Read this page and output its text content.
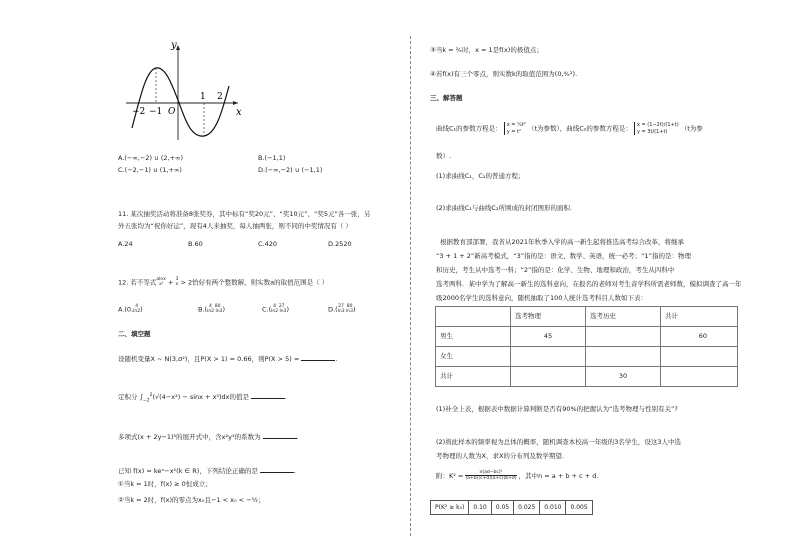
y
x
O
−2 −1
1 2
A.(−∞,−2) ∪ (2,+∞)	B.(−1,1)
C.(−2,−1) ∪ (1,+∞)	D.(−∞,−2) ∪ (−1,1)
11. 某次抽奖活动将准备8张奖券，其中标有“奖20元”、“奖10元”、“奖5元”各一张，另
外五张均为“祝你好运”，现有4人来抽奖，每人抽两张，则不同的中奖情况有（ ）
A.24	B.60	C.420	D.2520
12. 若不等式alnx
x² + 3
x > 2恰好有两个整数解，则实数a的取值范围是（ ）
A.(0, 4
ln2)	B.( 4  80
ln2 ln3)	C.( 4  27
ln2 ln3)	D.(27  80
ln3 ln3)
二、填空题
设随机变量X ~ N(3,σ²)，且P(X > 1) = 0.66，则P(X > 5) =	.
定积分 $\int_{-2}^2(√(4-x^2) - \sin x + x^3)dx$的值是	.
多项式(x + 2y−1)⁵的展开式中，含x²y³的系数为	.
已知 f(x) = keˣ−x²(k ∈ R)，下列结论正确的是	.
①当k = 1时，f(x) ≥ 0恒成立；
②当k = 2时，f(x)的零点为x₀且−1 < x₀ < −½；
③当k = ²⁄ₑ时，x = 1是f(x)的极值点；
④若f(x)有三个零点，则实数k的取值范围为(0,⁴⁄ₑ²).
三、解答题
曲线C₁的参数方程是： x = ¹⁄₂t²
y = t² （t为参数），曲线C₂的参数方程是： x = (1−2t)/(1+t)
y = 3t/(1+t) （t为参
数）.
(1)求曲线C₁，C₂的普通方程；
(2)求曲线C₁与曲线C₂所围成的封闭图形的面积.
根据教育部部署，我省从2021年秋季入学的高一新生起将推选高考综合改革，将继承
“3 + 1 + 2”新高考模式，“3”指的是：语文、数学、英语，统一必考；“1”指的是：物理
和历史，考生从中选考一科；“2”指的是：化学、生物、地理和政治，考生从四科中
选考两科．某中学为了解高一新生的选科意向，在报名的老师对考生音学科所需老师数，模拟调查了高一年
级2000名学生的选科意向，随机抽取了100人统计选考科目人数如下表：
	选考物理	选考历史	共计
男生	45		60
女生			
共计		30	
(1)补全上表，根据表中数据计算判断是否有90%的把握认为“选考物理与性别有关”?
(2)将此样本的频率视为总体的概率，随机调查本校高一年级的3名学生，设这3人中选
考物理的人数为X，求X的分布列及数学期望.
附：$K^2 = \frac{\text{n(ad−bc)²}}{(a+b)(c+d)(a+c)(b+d)}$ ，其中n = a + b + c + d.
P(K² ≥ k₀)	0.10	0.05	0.025	0.010	0.005
